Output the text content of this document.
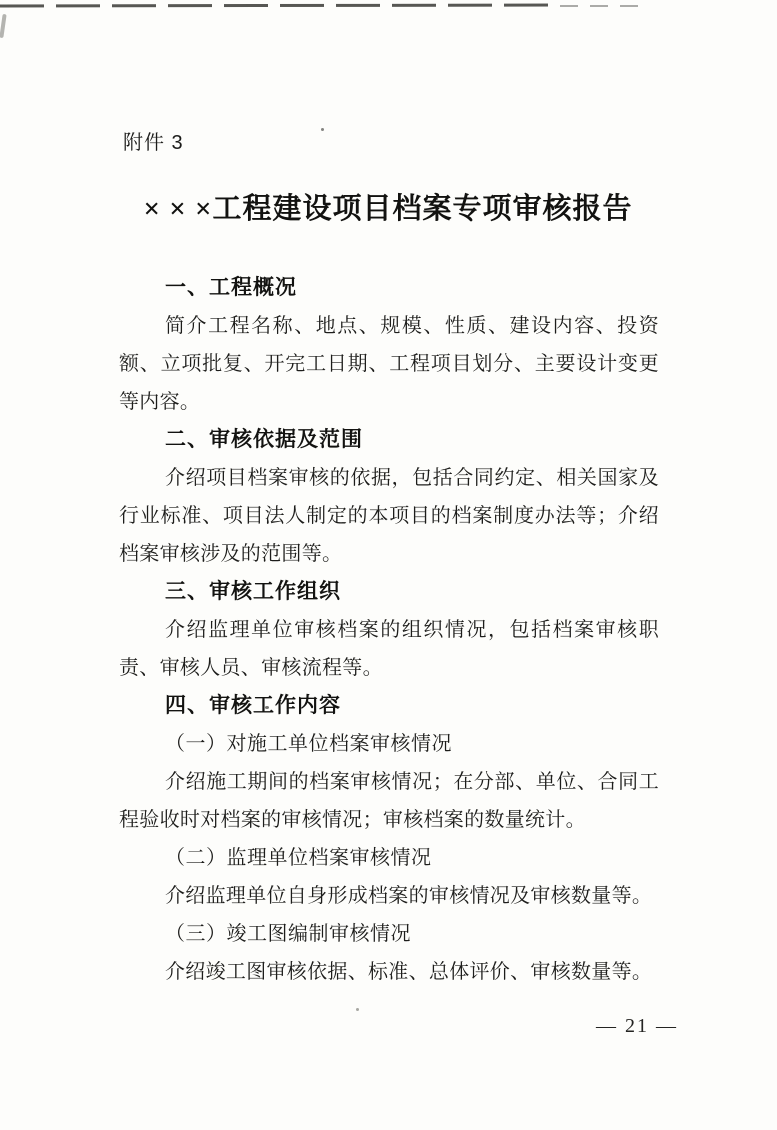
附件 3
× × ×工程建设项目档案专项审核报告
一、工程概况
简介工程名称、地点、规模、性质、建设内容、投资额、立项批复、开完工日期、工程项目划分、主要设计变更等内容。
二、审核依据及范围
介绍项目档案审核的依据，包括合同约定、相关国家及行业标准、项目法人制定的本项目的档案制度办法等；介绍档案审核涉及的范围等。
三、审核工作组织
介绍监理单位审核档案的组织情况，包括档案审核职责、审核人员、审核流程等。
四、审核工作内容
（一）对施工单位档案审核情况
介绍施工期间的档案审核情况；在分部、单位、合同工程验收时对档案的审核情况；审核档案的数量统计。
（二）监理单位档案审核情况
介绍监理单位自身形成档案的审核情况及审核数量等。
（三）竣工图编制审核情况
介绍竣工图审核依据、标准、总体评价、审核数量等。
— 21 —
